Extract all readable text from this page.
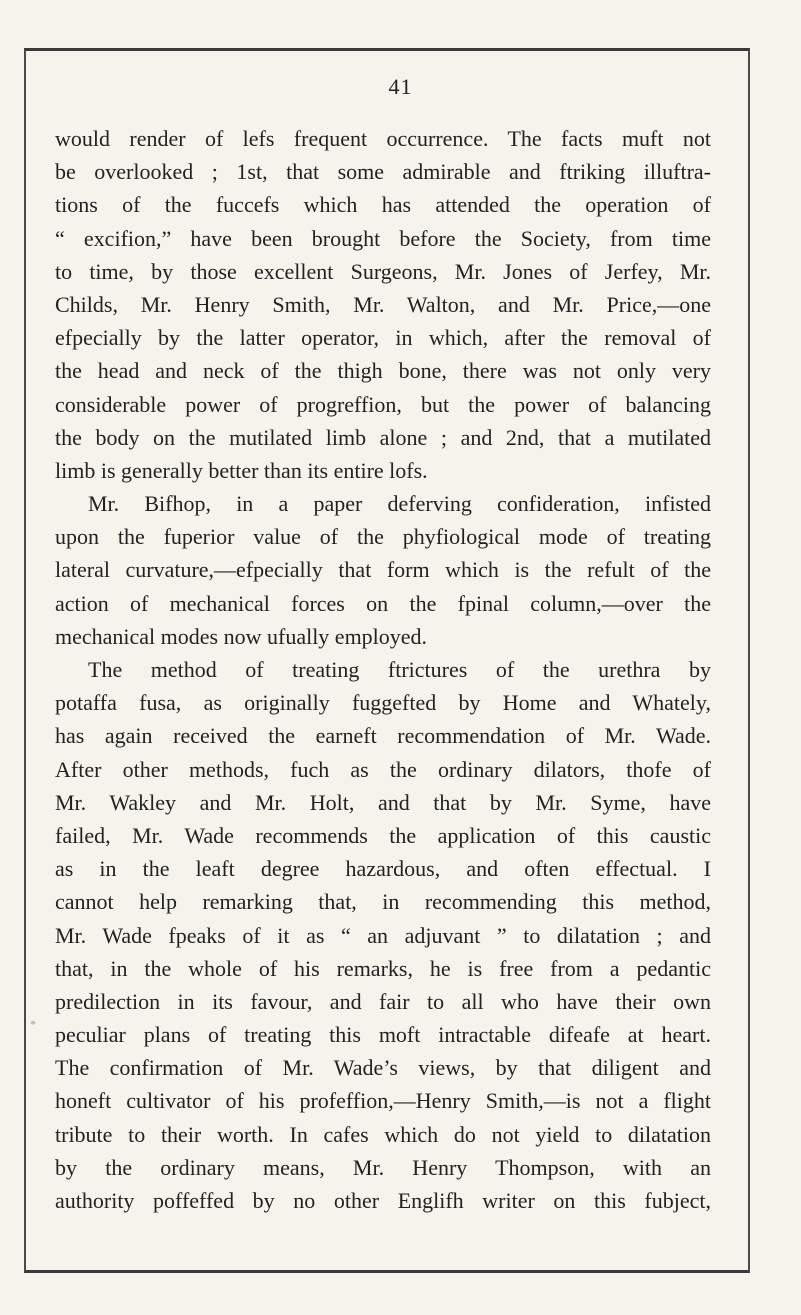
41
*
would render of lefs frequent occurrence. The facts muft not
be overlooked ; 1st, that some admirable and ftriking illuftra-
tions of the fuccefs which has attended the operation of
“ excifion,” have been brought before the Society, from time
to time, by those excellent Surgeons, Mr. Jones of Jerfey, Mr.
Childs, Mr. Henry Smith, Mr. Walton, and Mr. Price,—one
efpecially by the latter operator, in which, after the removal of
the head and neck of the thigh bone, there was not only very
considerable power of progreffion, but the power of balancing
the body on the mutilated limb alone ; and 2nd, that a mutilated
limb is generally better than its entire lofs.
Mr. Bifhop, in a paper deferving confideration, infisted
upon the fuperior value of the phyfiological mode of treating
lateral curvature,—efpecially that form which is the refult of the
action of mechanical forces on the fpinal column,—over the
mechanical modes now ufually employed.
The method of treating ftrictures of the urethra by
potaffa fusa, as originally fuggefted by Home and Whately,
has again received the earneft recommendation of Mr. Wade.
After other methods, fuch as the ordinary dilators, thofe of
Mr. Wakley and Mr. Holt, and that by Mr. Syme, have
failed, Mr. Wade recommends the application of this caustic
as in the leaft degree hazardous, and often effectual. I
cannot help remarking that, in recommending this method,
Mr. Wade fpeaks of it as “ an adjuvant ” to dilatation ; and
that, in the whole of his remarks, he is free from a pedantic
predilection in its favour, and fair to all who have their own
peculiar plans of treating this moft intractable difeafe at heart.
The confirmation of Mr. Wade’s views, by that diligent and
honeft cultivator of his profeffion,—Henry Smith,—is not a flight
tribute to their worth. In cafes which do not yield to dilatation
by the ordinary means, Mr. Henry Thompson, with an
authority poffeffed by no other Englifh writer on this fubject,
